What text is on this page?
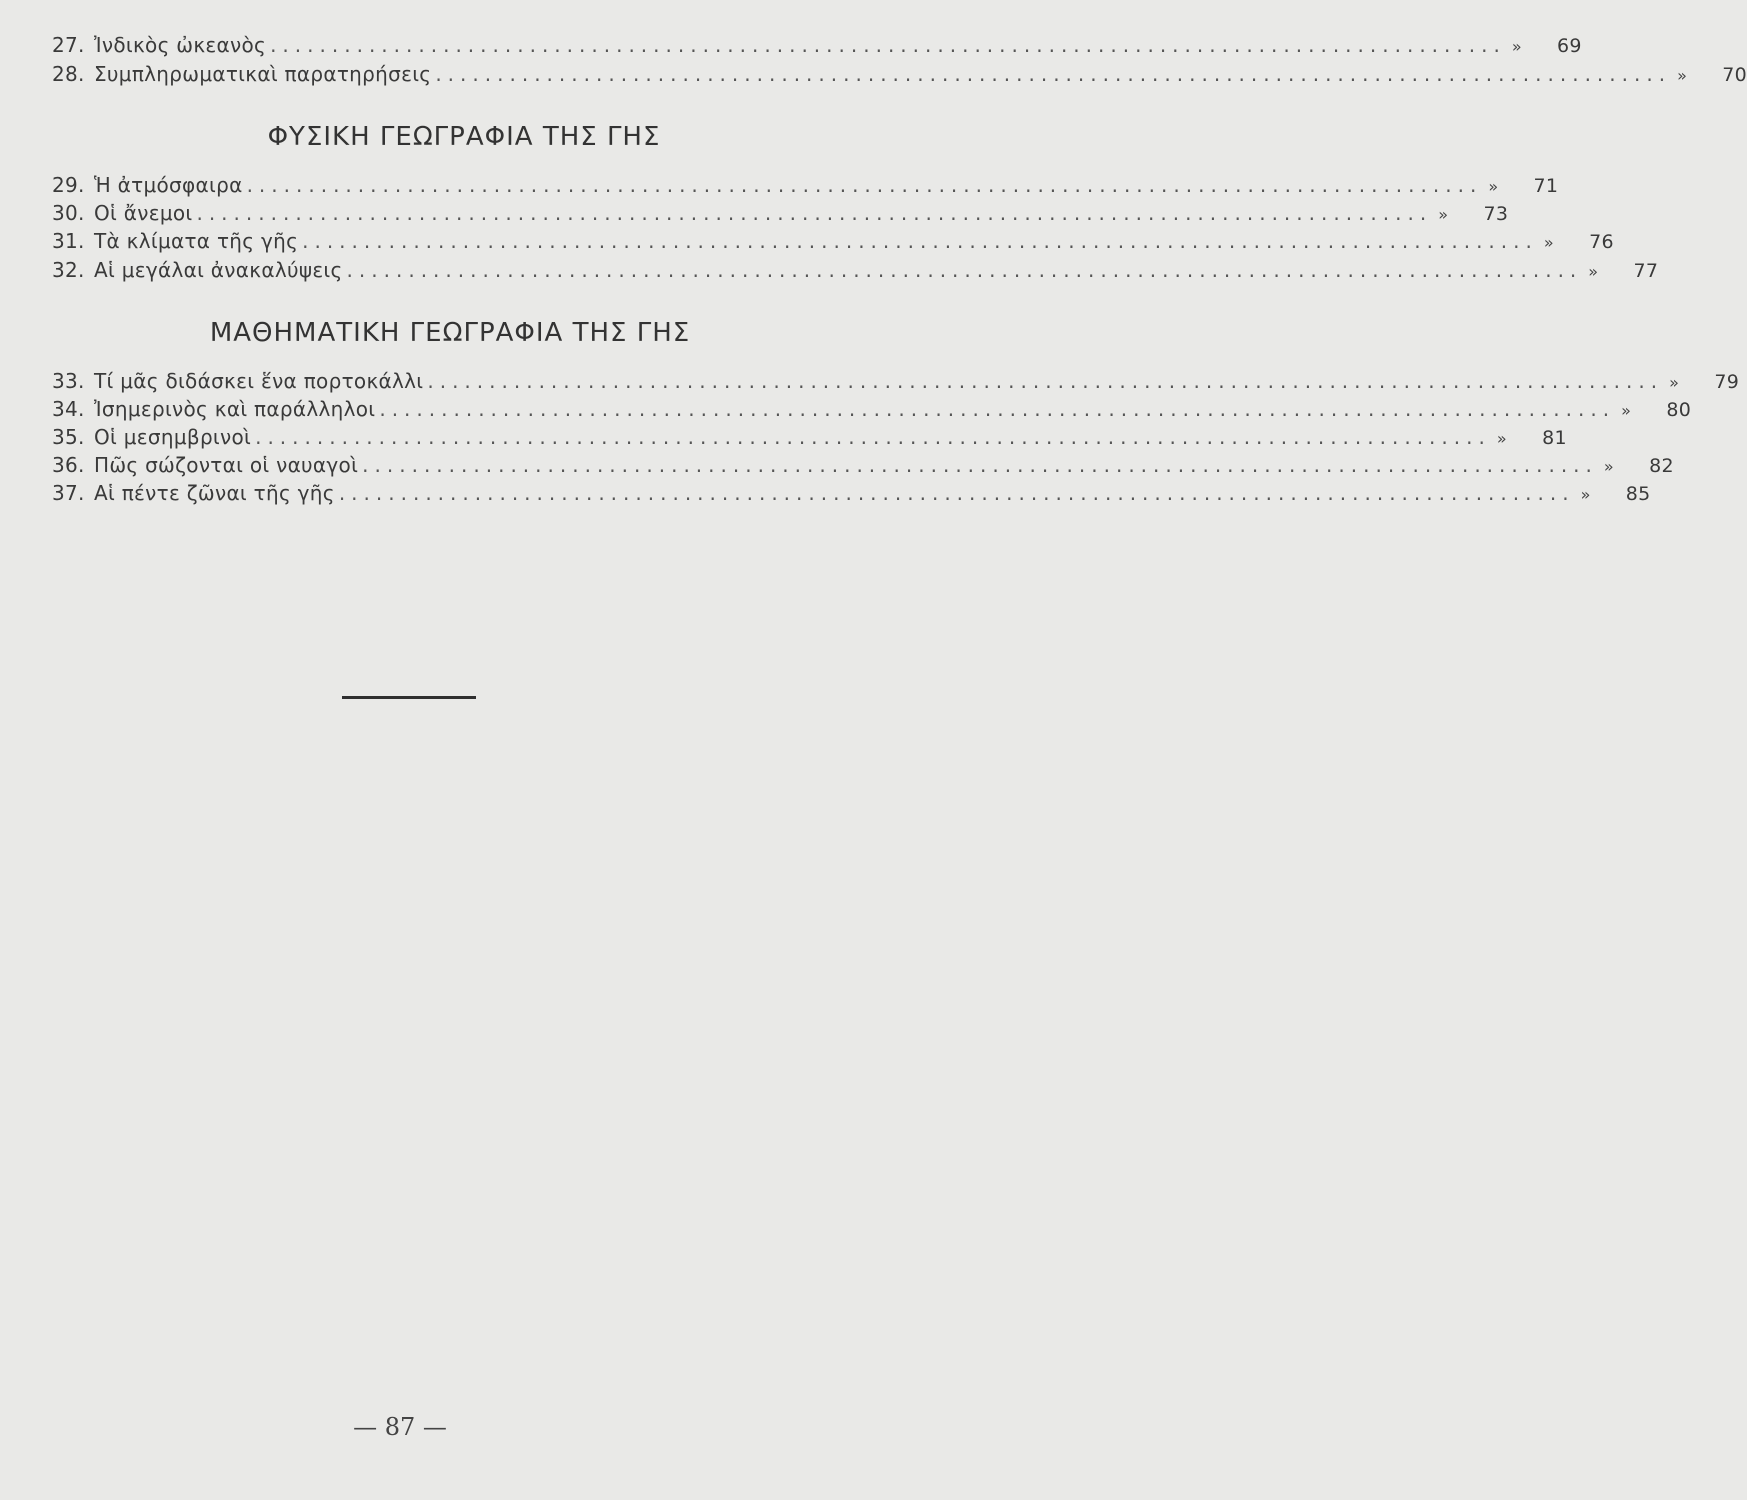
27. Ἰνδικὸς ὠκεανὸς .................................................................................................... »	69
28. Συμπληρωματικαὶ παρατηρήσεις .................................................................................................... »	70
ΦΥΣΙΚΗ ΓΕΩΓΡΑΦΙΑ ΤΗΣ ΓΗΣ
29. Ἡ ἀτμόσφαιρα .................................................................................................... »	71
30. Οἱ ἄνεμοι .................................................................................................... »	73
31. Τὰ κλίματα τῆς γῆς .................................................................................................... »	76
32. Αἱ μεγάλαι ἀνακαλύψεις .................................................................................................... »	77
ΜΑΘΗΜΑΤΙΚΗ ΓΕΩΓΡΑΦΙΑ ΤΗΣ ΓΗΣ
33. Τί μᾶς διδάσκει ἕνα πορτοκάλλι .................................................................................................... »	79
34. Ἰσημερινὸς καὶ παράλληλοι .................................................................................................... »	80
35. Οἱ μεσημβρινοὶ .................................................................................................... »	81
36. Πῶς σώζονται οἱ ναυαγοὶ .................................................................................................... »	82
37. Αἱ πέντε ζῶναι τῆς γῆς .................................................................................................... »	85
— 87 —
